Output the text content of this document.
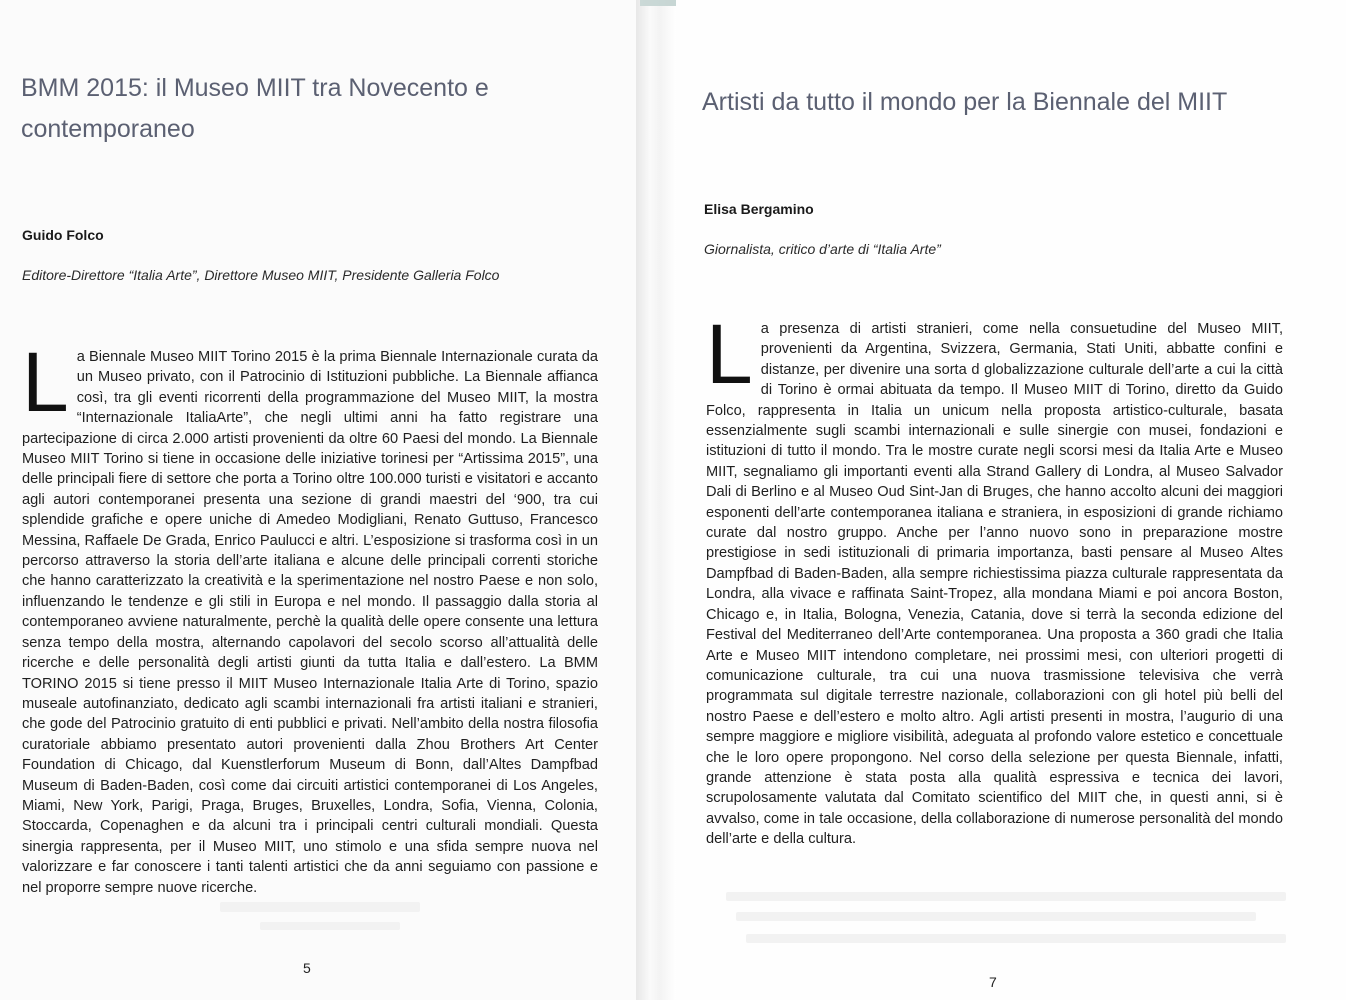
BMM 2015: il Museo MIIT tra Novecento e contemporaneo
Guido Folco
Editore-Direttore “Italia Arte”, Direttore Museo MIIT, Presidente Galleria Folco

La Biennale Museo MIIT Torino 2015 è la prima Biennale Internazionale curata da un Museo privato, con il Patrocinio di Istituzioni pubbliche. La Biennale affianca così, tra gli eventi ricorrenti della programmazione del Museo MIIT, la mostra “Internazionale ItaliaArte”, che negli ultimi anni ha fatto registrare una partecipazione di circa 2.000 artisti provenienti da oltre 60 Paesi del mondo. La Biennale Museo MIIT Torino si tiene in occasione delle iniziative torinesi per “Artissima 2015”, una delle principali fiere di settore che porta a Torino oltre 100.000 turisti e visitatori e accanto agli autori contemporanei presenta una sezione di grandi maestri del ‘900, tra cui splendide grafiche e opere uniche di Amedeo Modigliani, Renato Guttuso, Francesco Messina, Raffaele De Grada, Enrico Paulucci e altri. L’esposizione si trasforma così in un percorso attraverso la storia dell’arte italiana e alcune delle principali correnti storiche che hanno caratterizzato la creatività e la sperimentazione nel nostro Paese e non solo, influenzando le tendenze e gli stili in Europa e nel mondo. Il passaggio dalla storia al contemporaneo avviene naturalmente, perchè la qualità delle opere consente una lettura senza tempo della mostra, alternando capolavori del secolo scorso all’attualità delle ricerche e delle personalità degli artisti giunti da tutta Italia e dall’estero. La BMM TORINO 2015 si tiene presso il MIIT Museo Internazionale Italia Arte di Torino, spazio museale autofinanziato, dedicato agli scambi internazionali fra artisti italiani e stranieri, che gode del Patrocinio gratuito di enti pubblici e privati. Nell’ambito della nostra filosofia curatoriale abbiamo presentato autori provenienti dalla Zhou Brothers Art Center Foundation di Chicago, dal Kuenstlerforum Museum di Bonn, dall’Altes Dampfbad Museum di Baden-Baden, così come dai circuiti artistici contemporanei di Los Angeles, Miami, New York, Parigi, Praga, Bruges, Bruxelles, Londra, Sofia, Vienna, Colonia, Stoccarda, Copenaghen e da alcuni tra i principali centri culturali mondiali. Questa sinergia rappresenta, per il Museo MIIT, uno stimolo e una sfida sempre nuova nel valorizzare e far conoscere i tanti talenti artistici che da anni seguiamo con passione e nel proporre sempre nuove ricerche.

5
Artisti da tutto il mondo per la Biennale del MIIT
Elisa Bergamino
Giornalista, critico d’arte di “Italia Arte”

La presenza di artisti stranieri, come nella consuetudine del Museo MIIT, provenienti da Argentina, Svizzera, Germania, Stati Uniti, abbatte confini e distanze, per divenire una sorta d globalizzazione culturale dell’arte a cui la città di Torino è ormai abituata da tempo. Il Museo MIIT di Torino, diretto da Guido Folco, rappresenta in Italia un unicum nella proposta artistico-culturale, basata essenzialmente sugli scambi internazionali e sulle sinergie con musei, fondazioni e istituzioni di tutto il mondo. Tra le mostre curate negli scorsi mesi da Italia Arte e Museo MIIT, segnaliamo gli importanti eventi alla Strand Gallery di Londra, al Museo Salvador Dali di Berlino e al Museo Oud Sint-Jan di Bruges, che hanno accolto alcuni dei maggiori esponenti dell’arte contemporanea italiana e straniera, in esposizioni di grande richiamo curate dal nostro gruppo. Anche per l’anno nuovo sono in preparazione mostre prestigiose in sedi istituzionali di primaria importanza, basti pensare al Museo Altes Dampfbad di Baden-Baden, alla sempre richiestissima piazza culturale rappresentata da Londra, alla vivace e raffinata Saint-Tropez, alla mondana Miami e poi ancora Boston, Chicago e, in Italia, Bologna, Venezia, Catania, dove si terrà la seconda edizione del Festival del Mediterraneo dell’Arte contemporanea. Una proposta a 360 gradi che Italia Arte e Museo MIIT intendono completare, nei prossimi mesi, con ulteriori progetti di comunicazione culturale, tra cui una nuova trasmissione televisiva che verrà programmata sul digitale terrestre nazionale, collaborazioni con gli hotel più belli del nostro Paese e dell’estero e molto altro. Agli artisti presenti in mostra, l’augurio di una sempre maggiore e migliore visibilità, adeguata al profondo valore estetico e concettuale che le loro opere propongono. Nel corso della selezione per questa Biennale, infatti, grande attenzione è stata posta alla qualità espressiva e tecnica dei lavori, scrupolosamente valutata dal Comitato scientifico del MIIT che, in questi anni, si è avvalso, come in tale occasione, della collaborazione di numerose personalità del mondo dell’arte e della cultura.

7
